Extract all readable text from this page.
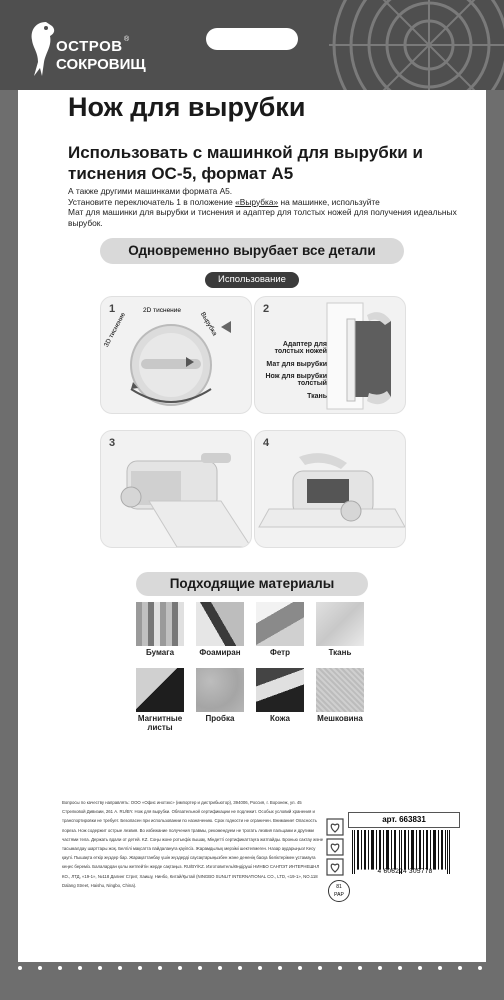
ОСТРОВ
СОКРОВИЩ
®
Нож для вырубки
Использовать с машинкой для вырубки и тиснения ОС-5, формат А5
А также другими машинками формата А5.
Установите переключатель 1 в положение «Вырубка» на машинке, используйте
Мат для машинки для вырубки и тиснения и адаптер для толстых ножей для получения идеальных вырубок.
Одновременно вырубает все детали
Использование
1
3D тиснение
2D тиснение
Вырубка
2
Адаптер для толстых ножей
Мат для вырубки
Нож для вырубки толстый
Ткань
3	4
Подходящие материалы
Бумага	Фоамиран	Фетр	Ткань
Магнитные листы
Пробка	Кожа	Мешковина
Вопросы по качеству направлять: ООО «Офис инотэкс» (импортер и дистрибьютор), 394006, Россия, г. Воронеж, ул. 45 Стрелковой Дивизии, 261 А. RU/BY. Нож для вырубки. Обязательной сертификации не подлежит. Особых условий хранения и транспортировки не требует. Безопасен при использовании по назначению. Срок годности не ограничен. Внимание! Опасность пореза. Нож содержит острые лезвия. Во избежание получения травмы, рекомендуем не трогать лезвия пальцами и другими частями тела. Держать вдали от детей. KZ. Соңы жоне ротьефік пышақ. Міндетті сертификаттауға жатпайды. Бронью сактау және тасымалдау шарттары жоқ. Белгілі мақсатта пайдалануға қауіпсіз. Жарамдылық мерзімі шектелмеген. Назар аударыңыз! Кесу қаупі. Пышақта өткір жүздер бар. Жарақаттанбау үшін жүздерді саусақтарыңызбен және дененің басқа бөліктерімен ұстамауға кеңес береміз. Балалардан қолы жетпейтін жерде сақтаңыз. RU/BY/KZ. Изготовитель/Өндіруші НИНБО САНПЭТ ИНТЕРНЕШНЛ КО., ЛТД, «19-1», №118 Далинг Стрит, Хаишу, Нинбо, Китай/Қытай (NINGBO SUNLIT INTERNATIONAL CO., LTD, «19-1», NO.118 Dalang Street, Haishu, Ningbo, China).
арт. 663831
4 606224 305778
81
PAP
